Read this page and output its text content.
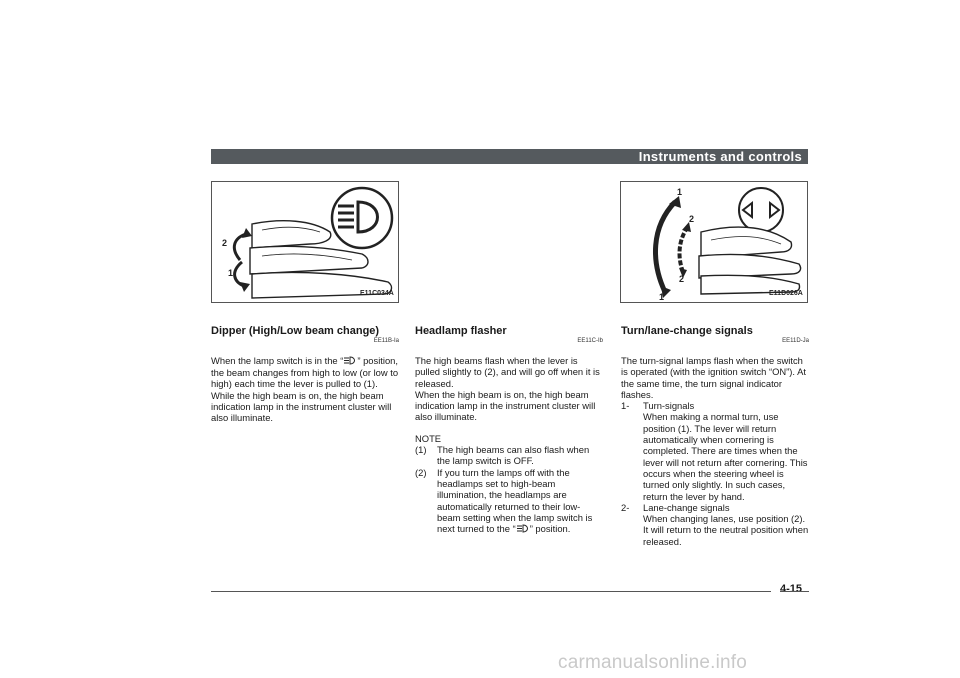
Instruments and controls
2
1
E11C034A
1
2
2
1	E11D026A
Dipper (High/Low beam change)
EE11B-Ia
When the lamp switch is in the “ ” position, the beam changes from high to low (or low to high) each time the lever is pulled to (1). While the high beam is on, the high beam indication lamp in the instrument cluster will also illuminate.
Headlamp flasher
EE11C-Ib
The high beams flash when the lever is pulled slightly to (2), and will go off when it is released.
When the high beam is on, the high beam indication lamp in the instrument cluster will also illuminate.
NOTE
(1)	The high beams can also flash when the lamp switch is OFF.
(2)	If you turn the lamps off with the headlamps set to high-beam illumination, the headlamps are automatically returned to their low-beam setting when the lamp switch is next turned to the “ ” position.
Turn/lane-change signals
EE11D-Ja
The turn-signal lamps flash when the switch is operated (with the ignition switch “ON”). At the same time, the turn signal indicator flashes.
1-	Turn-signals
When making a normal turn, use position (1). The lever will return automatically when cornering is completed. There are times when the lever will not return after cornering. This occurs when the steering wheel is turned only slightly. In such cases, return the lever by hand.
2-	Lane-change signals
When changing lanes, use position (2). It will return to the neutral position when released.
4-15
carmanualsonline.info
